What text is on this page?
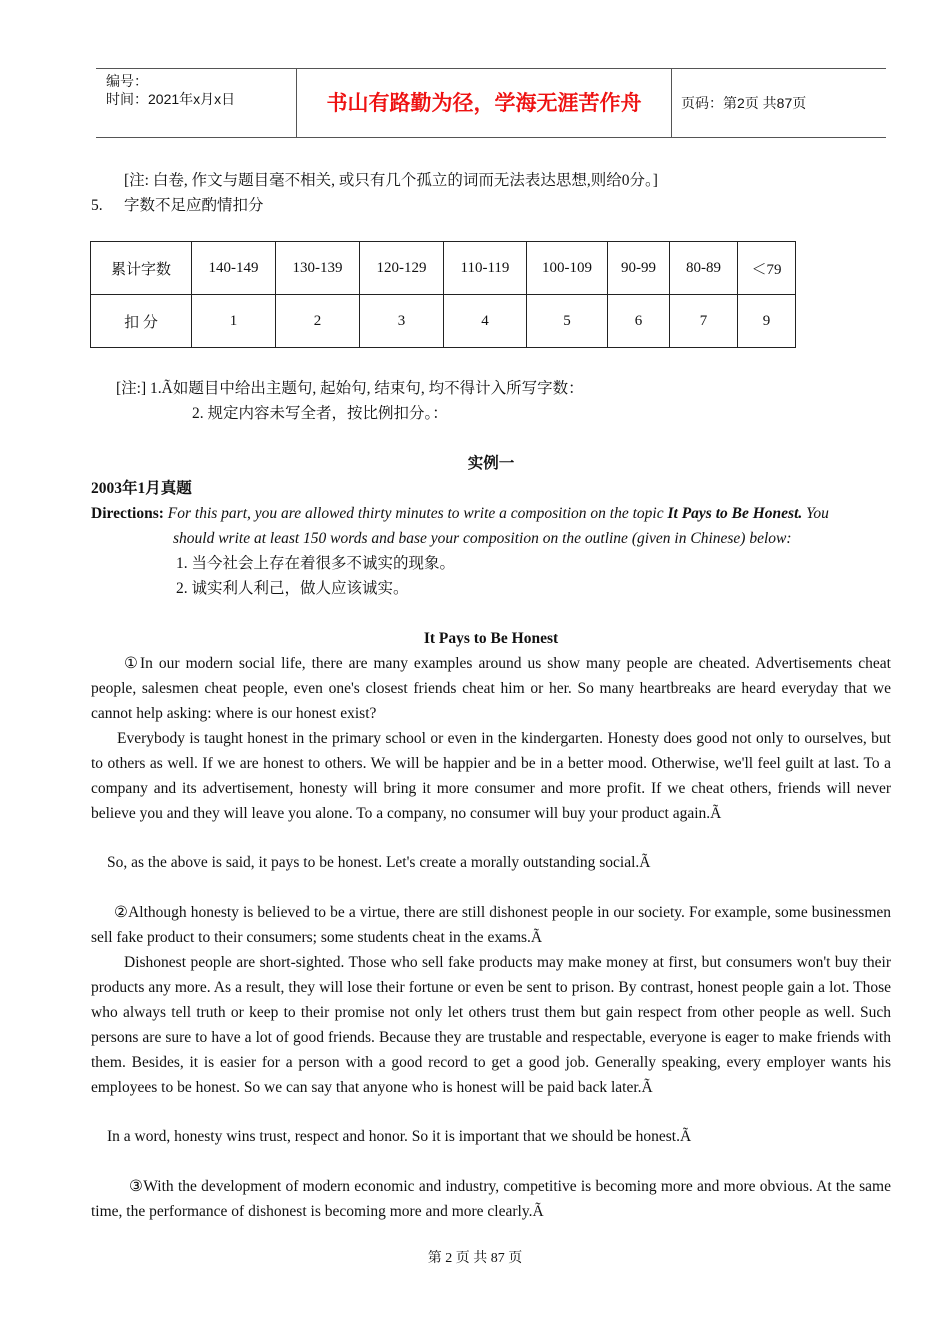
编号：
时间：2021年x月x日	书山有路勤为径，学海无涯苦作舟	页码：第2页 共87页
[注: 白卷, 作文与题目毫不相关, 或只有几个孤立的词而无法表达思想,则给0分。]
5. 字数不足应酌情扣分
累计字数	140-149	130-139	120-129	110-119	100-109	90-99	80-89	＜79
扣 分	1	2	3	4	5	6	7	9
[注:] 1.Ã如题目中给出主题句, 起始句, 结束句, 均不得计入所写字数：
2. 规定内容未写全者，按比例扣分。：
实例一
2003年1月真题
Directions: For this part, you are allowed thirty minutes to write a composition on the topic It Pays to Be Honest. You
should write at least 150 words and base your composition on the outline (given in Chinese) below:
1. 当今社会上存在着很多不诚实的现象。
2. 诚实利人利己，做人应该诚实。
It Pays to Be Honest
①In our modern social life, there are many examples around us show many people are cheated. Advertisements cheat people, salesmen cheat people, even one's closest friends cheat him or her. So many heartbreaks are heard everyday that we cannot help asking: where is our honest exist?
Everybody is taught honest in the primary school or even in the kindergarten. Honesty does good not only to ourselves, but to others as well. If we are honest to others. We will be happier and be in a better mood. Otherwise, we'll feel guilt at last. To a company and its advertisement, honesty will bring it more consumer and more profit. If we cheat others, friends will never believe you and they will leave you alone. To a company, no consumer will buy your product again.Ã
So, as the above is said, it pays to be honest. Let's create a morally outstanding social.Ã
②Although honesty is believed to be a virtue, there are still dishonest people in our society. For example, some businessmen sell fake product to their consumers; some students cheat in the exams.Ã
Dishonest people are short-sighted. Those who sell fake products may make money at first, but consumers won't buy their products any more. As a result, they will lose their fortune or even be sent to prison. By contrast, honest people gain a lot. Those who always tell truth or keep to their promise not only let others trust them but gain respect from other people as well. Such persons are sure to have a lot of good friends. Because they are trustable and respectable, everyone is eager to make friends with them. Besides, it is easier for a person with a good record to get a good job. Generally speaking, every employer wants his employees to be honest. So we can say that anyone who is honest will be paid back later.Ã
In a word, honesty wins trust, respect and honor. So it is important that we should be honest.Ã
③With the development of modern economic and industry, competitive is becoming more and more obvious. At the same time, the performance of dishonest is becoming more and more clearly.Ã
第 2 页 共 87 页
